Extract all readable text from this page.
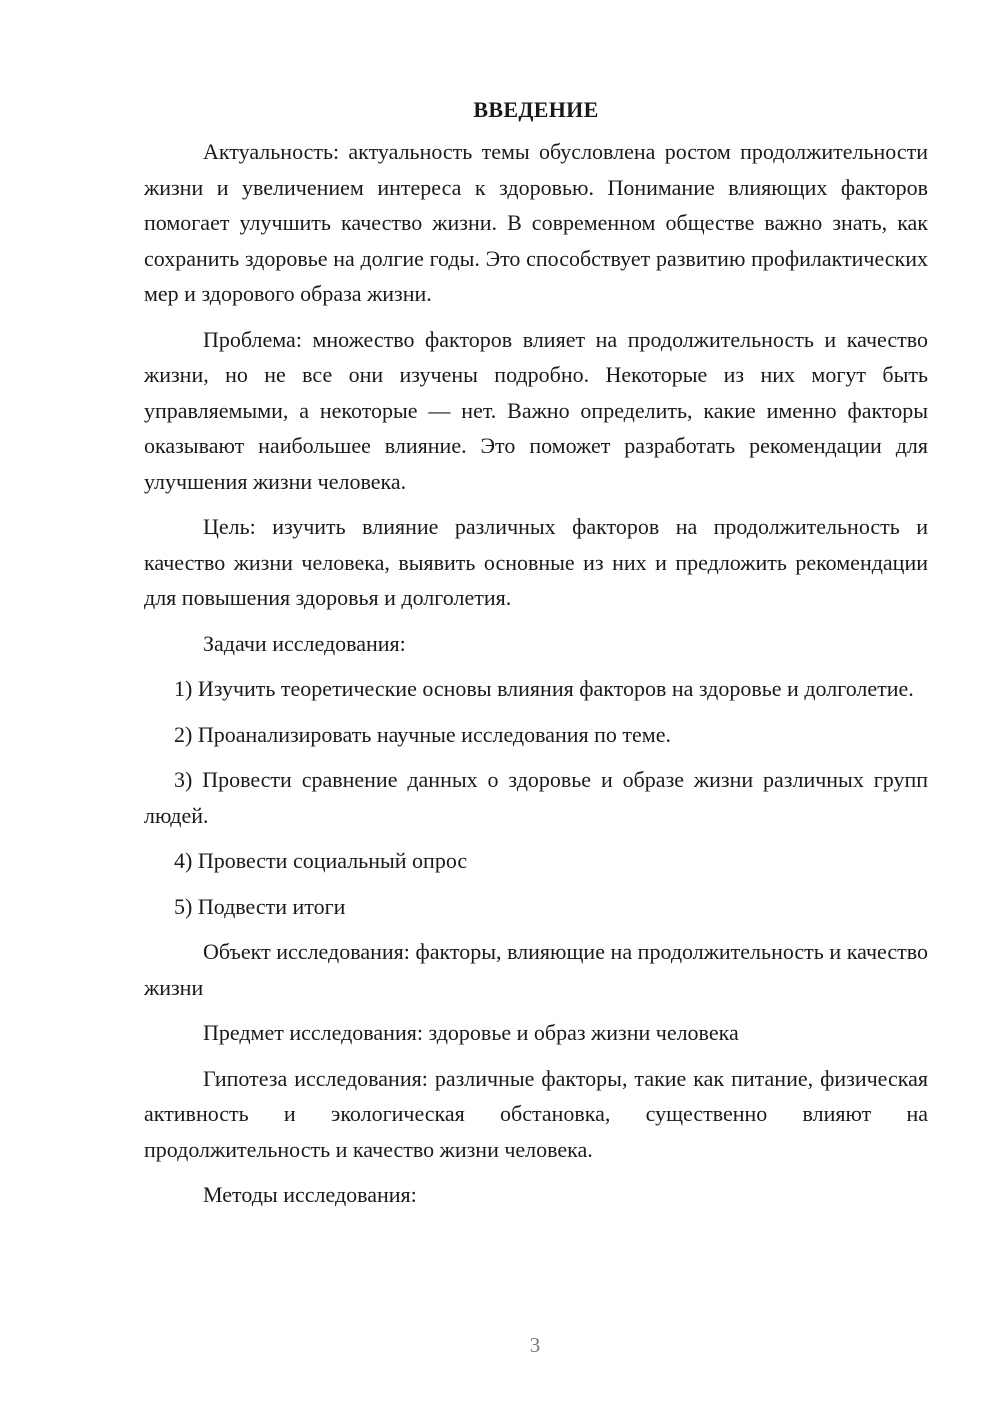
ВВЕДЕНИЕ

Актуальность: актуальность темы обусловлена ростом продолжительности жизни и увеличением интереса к здоровью. Понимание влияющих факторов помогает улучшить качество жизни. В современном обществе важно знать, как сохранить здоровье на долгие годы. Это способствует развитию профилактических мер и здорового образа жизни.

Проблема: множество факторов влияет на продолжительность и качество жизни, но не все они изучены подробно. Некоторые из них могут быть управляемыми, а некоторые — нет. Важно определить, какие именно факторы оказывают наибольшее влияние. Это поможет разработать рекомендации для улучшения жизни человека.

Цель: изучить влияние различных факторов на продолжительность и качество жизни человека, выявить основные из них и предложить рекомендации для повышения здоровья и долголетия.

Задачи исследования:

1) Изучить теоретические основы влияния факторов на здоровье и долголетие.

2) Проанализировать научные исследования по теме.

3) Провести сравнение данных о здоровье и образе жизни различных групп людей.

4) Провести социальный опрос

5) Подвести итоги

Объект исследования: факторы, влияющие на продолжительность и качество жизни

Предмет исследования: здоровье и образ жизни человека

Гипотеза исследования: различные факторы, такие как питание, физическая активность и экологическая обстановка, существенно влияют на продолжительность и качество жизни человека.

Методы исследования:

3
